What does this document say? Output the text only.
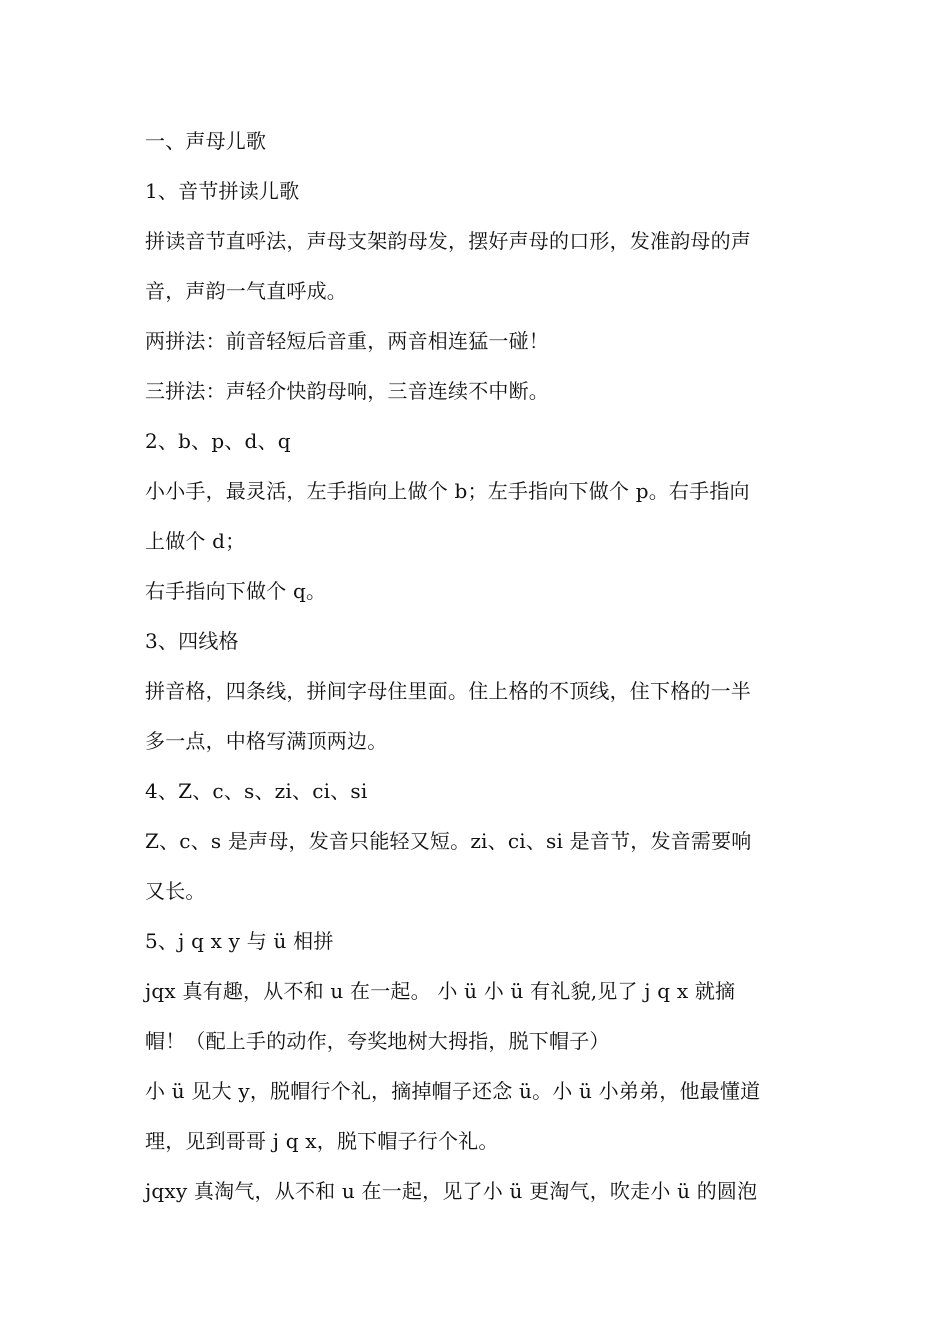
一、声母儿歌
1、音节拼读儿歌
拼读音节直呼法，声母支架韵母发，摆好声母的口形，发准韵母的声
音，声韵一气直呼成。
两拼法：前音轻短后音重，两音相连猛一碰！
三拼法：声轻介快韵母响，三音连续不中断。
2、b、p、d、q
小小手，最灵活，左手指向上做个 b；左手指向下做个 p。右手指向
上做个 d；
右手指向下做个 q。
3、四线格
拼音格，四条线，拼间字母住里面。住上格的不顶线，住下格的一半
多一点，中格写满顶两边。
4、Z、c、s、zi、ci、si
Z、c、s 是声母，发音只能轻又短。zi、ci、si 是音节，发音需要响
又长。
5、j q x y 与 ü 相拼
jqx 真有趣，从不和 u 在一起。 小 ü 小 ü 有礼貌,见了 j q x 就摘
帽！（配上手的动作，夸奖地树大拇指，脱下帽子）
小 ü 见大 y，脱帽行个礼，摘掉帽子还念 ü。小 ü 小弟弟，他最懂道
理，见到哥哥 j q x，脱下帽子行个礼。
jqxy 真淘气，从不和 u 在一起，见了小 ü 更淘气，吹走小 ü 的圆泡
